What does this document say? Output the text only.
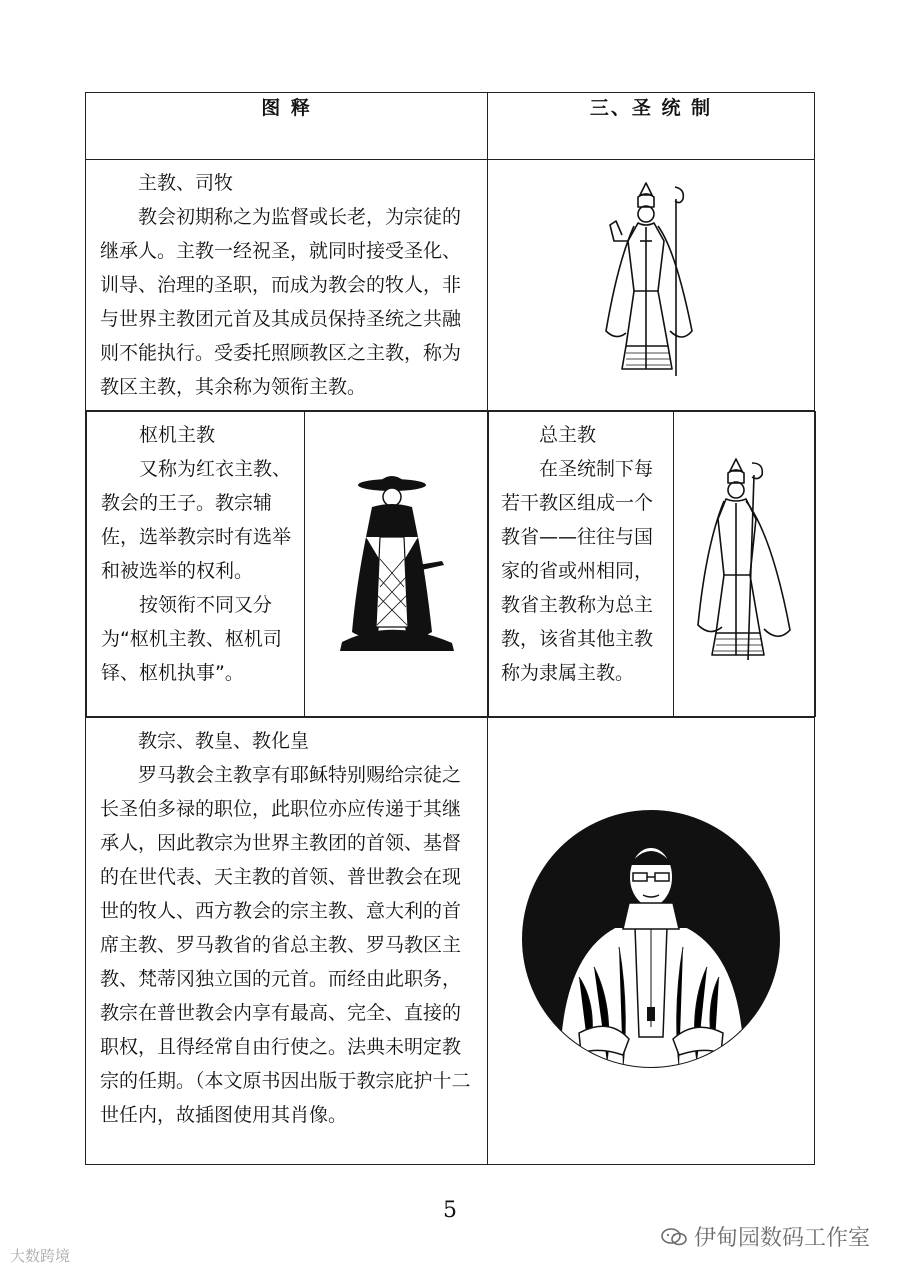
图 释	三、圣 统 制

主教、司牧

教会初期称之为监督或长老，为宗徒的继承人。主教一经祝圣，就同时接受圣化、训导、治理的圣职，而成为教会的牧人，非与世界主教团元首及其成员保持圣统之共融则不能执行。受委托照顾教区之主教，称为教区主教，其余称为领衔主教。

枢机主教

又称为红衣主教、教会的王子。教宗辅佐，选举教宗时有选举和被选举的权利。

按领衔不同又分为“枢机主教、枢机司铎、枢机执事”。

总主教

在圣统制下每若干教区组成一个教省——往往与国家的省或州相同，教省主教称为总主教，该省其他主教称为隶属主教。

教宗、教皇、教化皇

罗马教会主教享有耶稣特别赐给宗徒之长圣伯多禄的职位，此职位亦应传递于其继承人，因此教宗为世界主教团的首领、基督的在世代表、天主教的首领、普世教会在现世的牧人、西方教会的宗主教、意大利的首席主教、罗马教省的省总主教、罗马教区主教、梵蒂冈独立国的元首。而经由此职务，教宗在普世教会内享有最高、完全、直接的职权，且得经常自由行使之。法典未明定教宗的任期。（本文原书因出版于教宗庇护十二世任内，故插图使用其肖像。

5
大数跨境
伊甸园数码工作室
